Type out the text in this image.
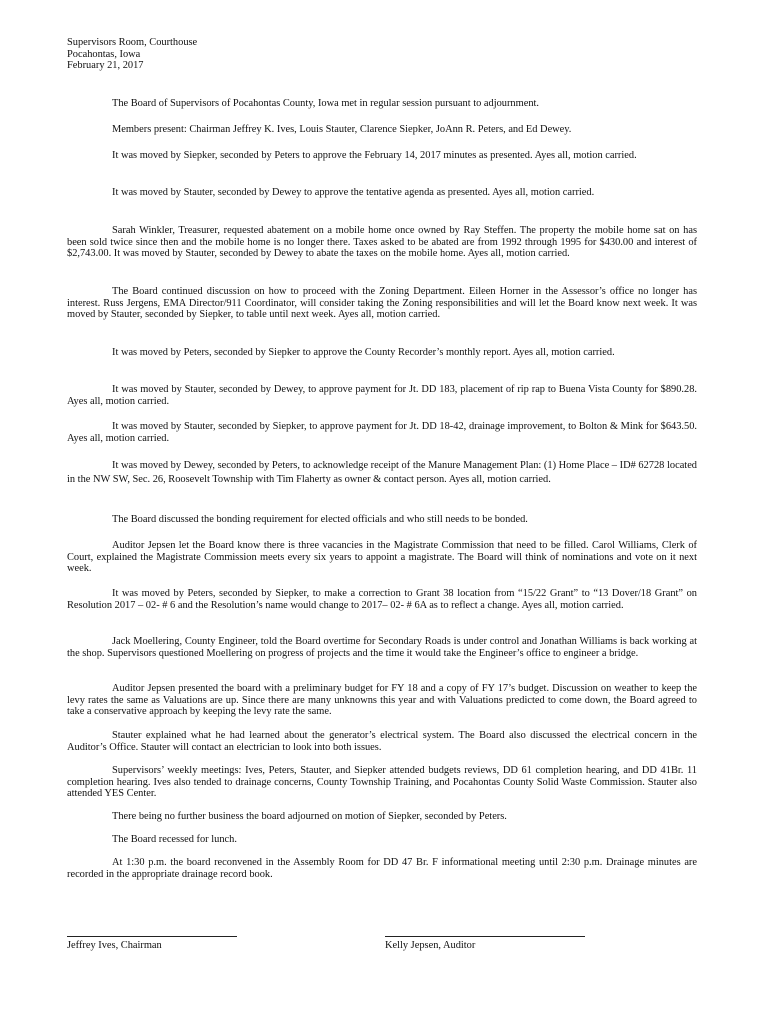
Supervisors Room, Courthouse
Pocahontas, Iowa
February 21, 2017
The Board of Supervisors of Pocahontas County, Iowa met in regular session pursuant to adjournment.
Members present: Chairman Jeffrey K. Ives, Louis Stauter, Clarence Siepker, JoAnn R. Peters, and Ed Dewey.
It was moved by Siepker, seconded by Peters to approve the February 14, 2017 minutes as presented. Ayes all, motion carried.
It was moved by Stauter, seconded by Dewey to approve the tentative agenda as presented. Ayes all, motion carried.
Sarah Winkler, Treasurer, requested abatement on a mobile home once owned by Ray Steffen. The property the mobile home sat on has been sold twice since then and the mobile home is no longer there. Taxes asked to be abated are from 1992 through 1995 for $430.00 and interest of $2,743.00. It was moved by Stauter, seconded by Dewey to abate the taxes on the mobile home. Ayes all, motion carried.
The Board continued discussion on how to proceed with the Zoning Department. Eileen Horner in the Assessor’s office no longer has interest. Russ Jergens, EMA Director/911 Coordinator, will consider taking the Zoning responsibilities and will let the Board know next week. It was moved by Stauter, seconded by Siepker, to table until next week. Ayes all, motion carried.
It was moved by Peters, seconded by Siepker to approve the County Recorder’s monthly report. Ayes all, motion carried.
It was moved by Stauter, seconded by Dewey, to approve payment for Jt. DD 183, placement of rip rap to Buena Vista County for $890.28. Ayes all, motion carried.
It was moved by Stauter, seconded by Siepker, to approve payment for Jt. DD 18-42, drainage improvement, to Bolton & Mink for $643.50. Ayes all, motion carried.
It was moved by Dewey, seconded by Peters, to acknowledge receipt of the Manure Management Plan: (1) Home Place – ID# 62728 located in the NW SW, Sec. 26, Roosevelt Township with Tim Flaherty as owner & contact person. Ayes all, motion carried.
The Board discussed the bonding requirement for elected officials and who still needs to be bonded.
Auditor Jepsen let the Board know there is three vacancies in the Magistrate Commission that need to be filled. Carol Williams, Clerk of Court, explained the Magistrate Commission meets every six years to appoint a magistrate. The Board will think of nominations and vote on it next week.
It was moved by Peters, seconded by Siepker, to make a correction to Grant 38 location from “15/22 Grant” to “13 Dover/18 Grant” on Resolution 2017 – 02- # 6 and the Resolution’s name would change to 2017– 02- # 6A as to reflect a change. Ayes all, motion carried.
Jack Moellering, County Engineer, told the Board overtime for Secondary Roads is under control and Jonathan Williams is back working at the shop. Supervisors questioned Moellering on progress of projects and the time it would take the Engineer’s office to engineer a bridge.
Auditor Jepsen presented the board with a preliminary budget for FY 18 and a copy of FY 17’s budget. Discussion on weather to keep the levy rates the same as Valuations are up. Since there are many unknowns this year and with Valuations predicted to come down, the Board agreed to take a conservative approach by keeping the levy rate the same.
Stauter explained what he had learned about the generator’s electrical system. The Board also discussed the electrical concern in the Auditor’s Office. Stauter will contact an electrician to look into both issues.
Supervisors’ weekly meetings: Ives, Peters, Stauter, and Siepker attended budgets reviews, DD 61 completion hearing, and DD 41Br. 11 completion hearing. Ives also tended to drainage concerns, County Township Training, and Pocahontas County Solid Waste Commission. Stauter also attended YES Center.
There being no further business the board adjourned on motion of Siepker, seconded by Peters.
The Board recessed for lunch.
At 1:30 p.m. the board reconvened in the Assembly Room for DD 47 Br. F informational meeting until 2:30 p.m. Drainage minutes are recorded in the appropriate drainage record book.
Jeffrey Ives, Chairman	Kelly Jepsen, Auditor
